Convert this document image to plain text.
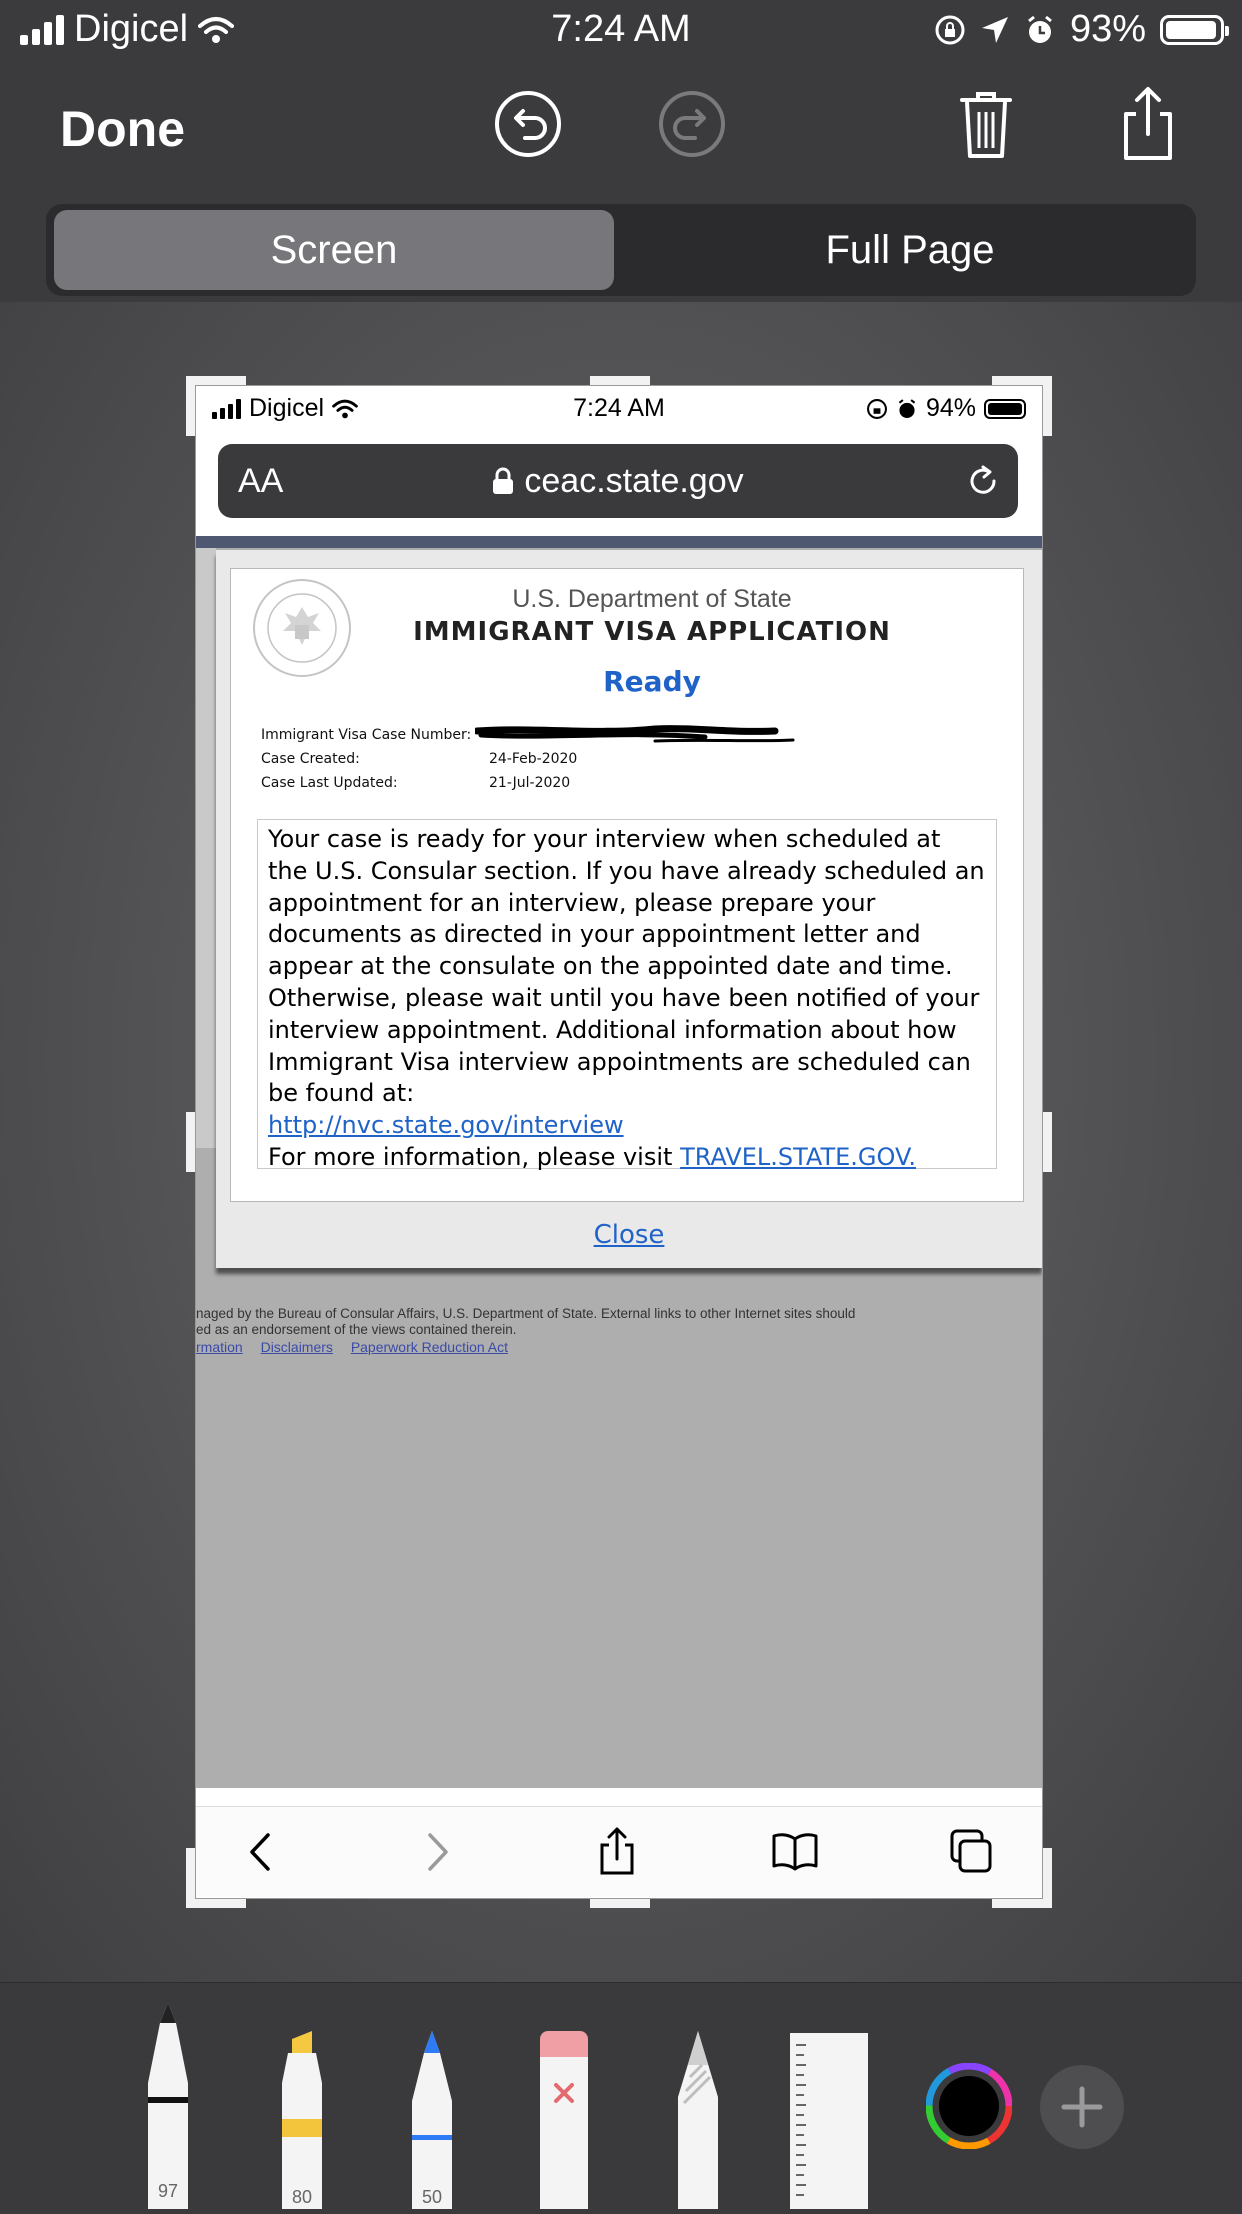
Digicel	7:24 AM	93%
Done
Screen	Full Page
Digicel	7:24 AM	94%
AA	ceac.state.gov
naged by the Bureau of Consular Affairs, U.S. Department of State. External links to other Internet sites should
ed as an endorsement of the views contained therein.
rmation Disclaimers Paperwork Reduction Act
U.S. Department of State
IMMIGRANT VISA APPLICATION
Ready
Immigrant Visa Case Number:
Case Created:	24-Feb-2020
Case Last Updated:	21-Jul-2020
Your case is ready for your interview when scheduled at the U.S. Consular section. If you have already scheduled an appointment for an interview, please prepare your documents as directed in your appointment letter and appear at the consulate on the appointed date and time. Otherwise, please wait until you have been notified of your interview appointment. Additional information about how Immigrant Visa interview appointments are scheduled can be found at:
http://nvc.state.gov/interview
For more information, please visit TRAVEL.STATE.GOV.
Close
97	80	50
